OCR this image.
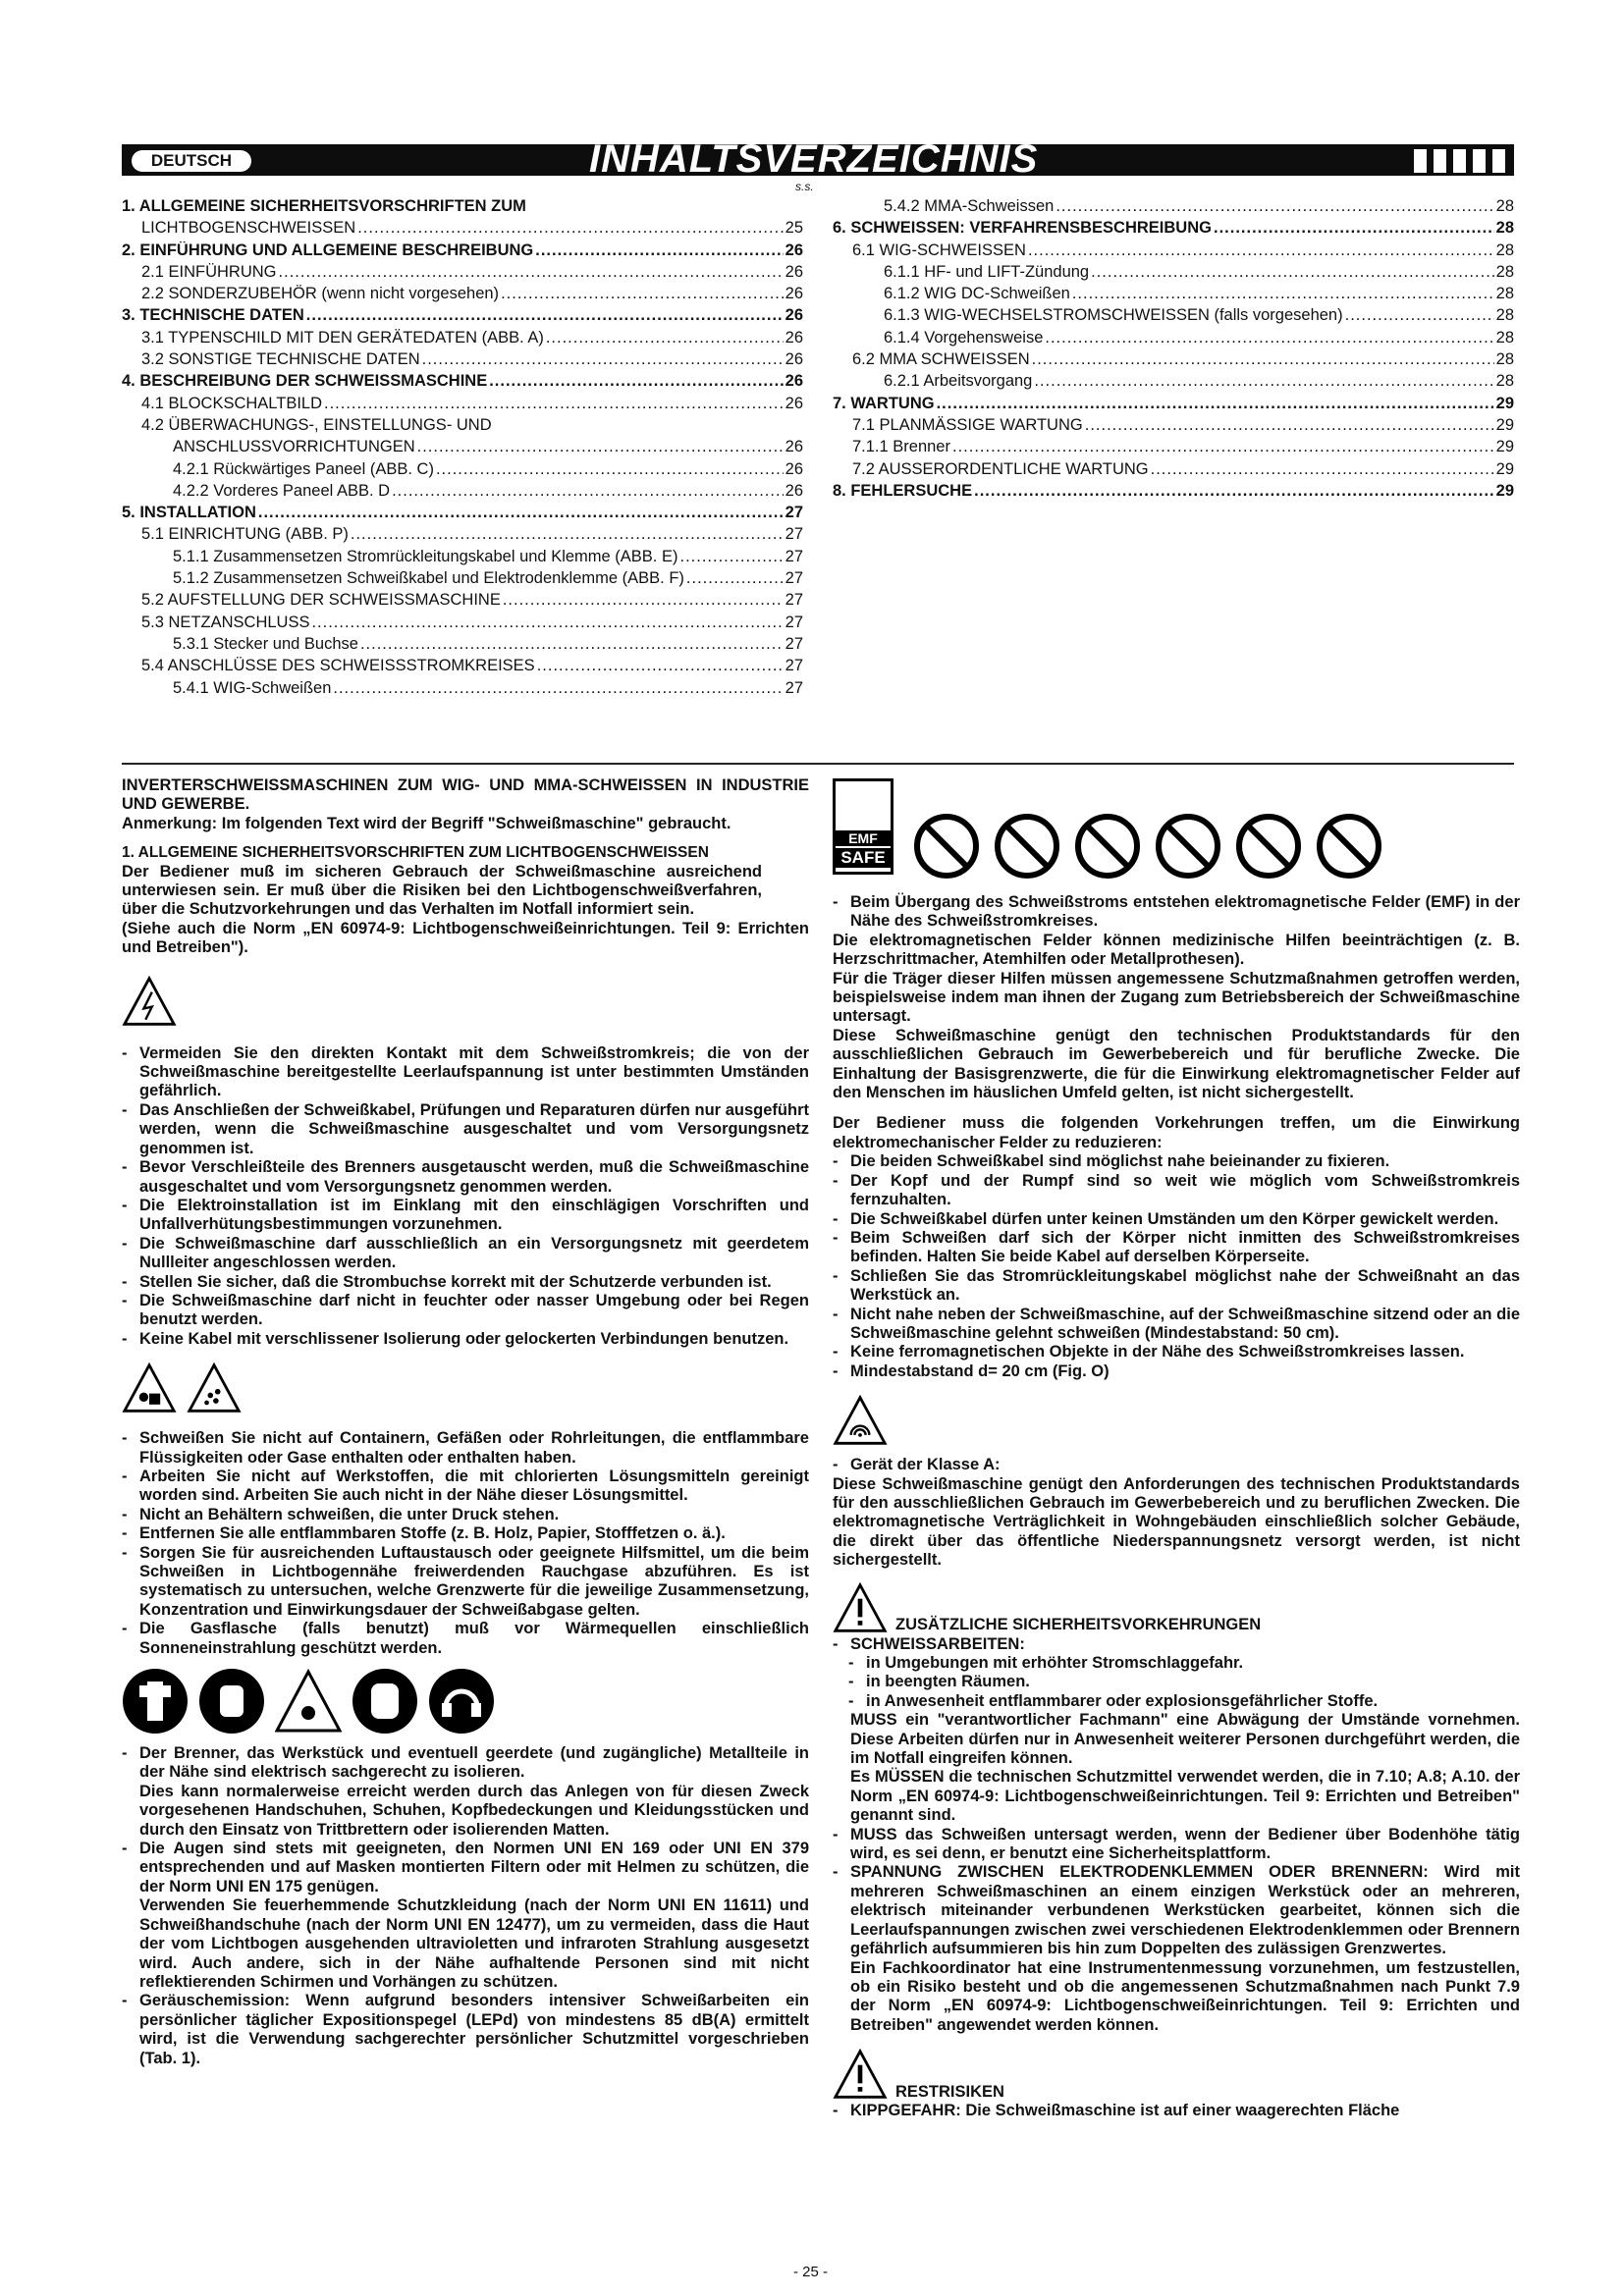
DEUTSCH	INHALTSVERZEICHNIS
s.s.
1. ALLGEMEINE SICHERHEITSVORSCHRIFTEN ZUM
LICHTBOGENSCHWEISSEN .....	25
2. EINFÜHRUNG UND ALLGEMEINE BESCHREIBUNG .....	26
2.1 EINFÜHRUNG .....	26
2.2 SONDERZUBEHÖR (wenn nicht vorgesehen) .....	26
3. TECHNISCHE DATEN .....	26
3.1 TYPENSCHILD MIT DEN GERÄTEDATEN (ABB. A) .....	26
3.2 SONSTIGE TECHNISCHE DATEN .....	26
4. BESCHREIBUNG DER SCHWEISSMASCHINE .....	26
4.1 BLOCKSCHALTBILD .....	26
4.2 ÜBERWACHUNGS-, EINSTELLUNGS- UND
ANSCHLUSSVORRICHTUNGEN .....	26
4.2.1 Rückwärtiges Paneel (ABB. C) .....	26
4.2.2 Vorderes Paneel ABB. D .....	26
5. INSTALLATION .....	27
5.1 EINRICHTUNG (ABB. P) .....	27
5.1.1 Zusammensetzen Stromrückleitungskabel und Klemme (ABB. E) .....	27
5.1.2 Zusammensetzen Schweißkabel und Elektrodenklemme (ABB. F) .....	27
5.2 AUFSTELLUNG DER SCHWEISSMASCHINE .....	27
5.3 NETZANSCHLUSS .....	27
5.3.1 Stecker und Buchse .....	27
5.4 ANSCHLÜSSE DES SCHWEISSSTROMKREISES .....	27
5.4.1 WIG-Schweißen .....	27
5.4.2 MMA-Schweissen .....	28
6. SCHWEISSEN: VERFAHRENSBESCHREIBUNG .....	28
6.1 WIG-SCHWEISSEN .....	28
6.1.1 HF- und LIFT-Zündung .....	28
6.1.2 WIG DC-Schweißen .....	28
6.1.3 WIG-WECHSELSTROMSCHWEISSEN (falls vorgesehen) .....	28
6.1.4 Vorgehensweise .....	28
6.2 MMA SCHWEISSEN .....	28
6.2.1 Arbeitsvorgang .....	28
7. WARTUNG .....	29
7.1 PLANMÄSSIGE WARTUNG .....	29
7.1.1 Brenner .....	29
7.2 AUSSERORDENTLICHE WARTUNG .....	29
8. FEHLERSUCHE .....	29

INVERTERSCHWEISSMASCHINEN ZUM WIG- UND MMA-SCHWEISSEN IN INDUSTRIE UND GEWERBE.

Anmerkung: Im folgenden Text wird der Begriff "Schweißmaschine" gebraucht.

1. ALLGEMEINE SICHERHEITSVORSCHRIFTEN ZUM LICHTBOGENSCHWEISSEN

Der Bediener muß im sicheren Gebrauch der Schweißmaschine ausreichend unterwiesen sein. Er muß über die Risiken bei den Lichtbogenschweißverfahren, über die Schutzvorkehrungen und das Verhalten im Notfall informiert sein.

(Siehe auch die Norm „EN 60974-9: Lichtbogenschweißeinrichtungen. Teil 9: Errichten und Betreiben").

- Vermeiden Sie den direkten Kontakt mit dem Schweißstromkreis; die von der Schweißmaschine bereitgestellte Leerlaufspannung ist unter bestimmten Umständen gefährlich.

- Das Anschließen der Schweißkabel, Prüfungen und Reparaturen dürfen nur ausgeführt werden, wenn die Schweißmaschine ausgeschaltet und vom Versorgungsnetz genommen ist.

- Bevor Verschleißteile des Brenners ausgetauscht werden, muß die Schweißmaschine ausgeschaltet und vom Versorgungsnetz genommen werden.

- Die Elektroinstallation ist im Einklang mit den einschlägigen Vorschriften und Unfallverhütungsbestimmungen vorzunehmen.

- Die Schweißmaschine darf ausschließlich an ein Versorgungsnetz mit geerdetem Nullleiter angeschlossen werden.

- Stellen Sie sicher, daß die Strombuchse korrekt mit der Schutzerde verbunden ist.

- Die Schweißmaschine darf nicht in feuchter oder nasser Umgebung oder bei Regen benutzt werden.

- Keine Kabel mit verschlissener Isolierung oder gelockerten Verbindungen benutzen.

- Schweißen Sie nicht auf Containern, Gefäßen oder Rohrleitungen, die entflammbare Flüssigkeiten oder Gase enthalten oder enthalten haben.

- Arbeiten Sie nicht auf Werkstoffen, die mit chlorierten Lösungsmitteln gereinigt worden sind. Arbeiten Sie auch nicht in der Nähe dieser Lösungsmittel.

- Nicht an Behältern schweißen, die unter Druck stehen.

- Entfernen Sie alle entflammbaren Stoffe (z. B. Holz, Papier, Stofffetzen o. ä.).

- Sorgen Sie für ausreichenden Luftaustausch oder geeignete Hilfsmittel, um die beim Schweißen in Lichtbogennähe freiwerdenden Rauchgase abzuführen. Es ist systematisch zu untersuchen, welche Grenzwerte für die jeweilige Zusammensetzung, Konzentration und Einwirkungsdauer der Schweißabgase gelten.

- Die Gasflasche (falls benutzt) muß vor Wärmequellen einschließlich Sonneneinstrahlung geschützt werden.

- Der Brenner, das Werkstück und eventuell geerdete (und zugängliche) Metallteile in der Nähe sind elektrisch sachgerecht zu isolieren.

Dies kann normalerweise erreicht werden durch das Anlegen von für diesen Zweck vorgesehenen Handschuhen, Schuhen, Kopfbedeckungen und Kleidungsstücken und durch den Einsatz von Trittbrettern oder isolierenden Matten.

- Die Augen sind stets mit geeigneten, den Normen UNI EN 169 oder UNI EN 379 entsprechenden und auf Masken montierten Filtern oder mit Helmen zu schützen, die der Norm UNI EN 175 genügen.

Verwenden Sie feuerhemmende Schutzkleidung (nach der Norm UNI EN 11611) und Schweißhandschuhe (nach der Norm UNI EN 12477), um zu vermeiden, dass die Haut der vom Lichtbogen ausgehenden ultravioletten und infraroten Strahlung ausgesetzt wird. Auch andere, sich in der Nähe aufhaltende Personen sind mit nicht reflektierenden Schirmen und Vorhängen zu schützen.

- Geräuschemission: Wenn aufgrund besonders intensiver Schweißarbeiten ein persönlicher täglicher Expositionspegel (LEPd) von mindestens 85 dB(A) ermittelt wird, ist die Verwendung sachgerechter persönlicher Schutzmittel vorgeschrieben (Tab. 1).

EMF
SAFE

- Beim Übergang des Schweißstroms entstehen elektromagnetische Felder (EMF) in der Nähe des Schweißstromkreises.

Die elektromagnetischen Felder können medizinische Hilfen beeinträchtigen (z. B. Herzschrittmacher, Atemhilfen oder Metallprothesen).

Für die Träger dieser Hilfen müssen angemessene Schutzmaßnahmen getroffen werden, beispielsweise indem man ihnen der Zugang zum Betriebsbereich der Schweißmaschine untersagt.

Diese Schweißmaschine genügt den technischen Produktstandards für den ausschließlichen Gebrauch im Gewerbebereich und für berufliche Zwecke. Die Einhaltung der Basisgrenzwerte, die für die Einwirkung elektromagnetischer Felder auf den Menschen im häuslichen Umfeld gelten, ist nicht sichergestellt.

Der Bediener muss die folgenden Vorkehrungen treffen, um die Einwirkung elektromechanischer Felder zu reduzieren:

- Die beiden Schweißkabel sind möglichst nahe beieinander zu fixieren.

- Der Kopf und der Rumpf sind so weit wie möglich vom Schweißstromkreis fernzuhalten.

- Die Schweißkabel dürfen unter keinen Umständen um den Körper gewickelt werden.

- Beim Schweißen darf sich der Körper nicht inmitten des Schweißstromkreises befinden. Halten Sie beide Kabel auf derselben Körperseite.

- Schließen Sie das Stromrückleitungskabel möglichst nahe der Schweißnaht an das Werkstück an.

- Nicht nahe neben der Schweißmaschine, auf der Schweißmaschine sitzend oder an die Schweißmaschine gelehnt schweißen (Mindestabstand: 50 cm).

- Keine ferromagnetischen Objekte in der Nähe des Schweißstromkreises lassen.

- Mindestabstand d= 20 cm (Fig. O)

- Gerät der Klasse A:

Diese Schweißmaschine genügt den Anforderungen des technischen Produktstandards für den ausschließlichen Gebrauch im Gewerbebereich und zu beruflichen Zwecken. Die elektromagnetische Verträglichkeit in Wohngebäuden einschließlich solcher Gebäude, die direkt über das öffentliche Niederspannungsnetz versorgt werden, ist nicht sichergestellt.

ZUSÄTZLICHE SICHERHEITSVORKEHRUNGEN

- SCHWEISSARBEITEN:

- in Umgebungen mit erhöhter Stromschlaggefahr.

- in beengten Räumen.

- in Anwesenheit entflammbarer oder explosionsgefährlicher Stoffe.

MUSS ein "verantwortlicher Fachmann" eine Abwägung der Umstände vornehmen. Diese Arbeiten dürfen nur in Anwesenheit weiterer Personen durchgeführt werden, die im Notfall eingreifen können.

Es MÜSSEN die technischen Schutzmittel verwendet werden, die in 7.10; A.8; A.10. der Norm „EN 60974-9: Lichtbogenschweißeinrichtungen. Teil 9: Errichten und Betreiben" genannt sind.

- MUSS das Schweißen untersagt werden, wenn der Bediener über Bodenhöhe tätig wird, es sei denn, er benutzt eine Sicherheitsplattform.

- SPANNUNG ZWISCHEN ELEKTRODENKLEMMEN ODER BRENNERN: Wird mit mehreren Schweißmaschinen an einem einzigen Werkstück oder an mehreren, elektrisch miteinander verbundenen Werkstücken gearbeitet, können sich die Leerlaufspannungen zwischen zwei verschiedenen Elektrodenklemmen oder Brennern gefährlich aufsummieren bis hin zum Doppelten des zulässigen Grenzwertes.

Ein Fachkoordinator hat eine Instrumentenmessung vorzunehmen, um festzustellen, ob ein Risiko besteht und ob die angemessenen Schutzmaßnahmen nach Punkt 7.9 der Norm „EN 60974-9: Lichtbogenschweißeinrichtungen. Teil 9: Errichten und Betreiben" angewendet werden können.

RESTRISIKEN

- KIPPGEFAHR: Die Schweißmaschine ist auf einer waagerechten Fläche

- 25 -
